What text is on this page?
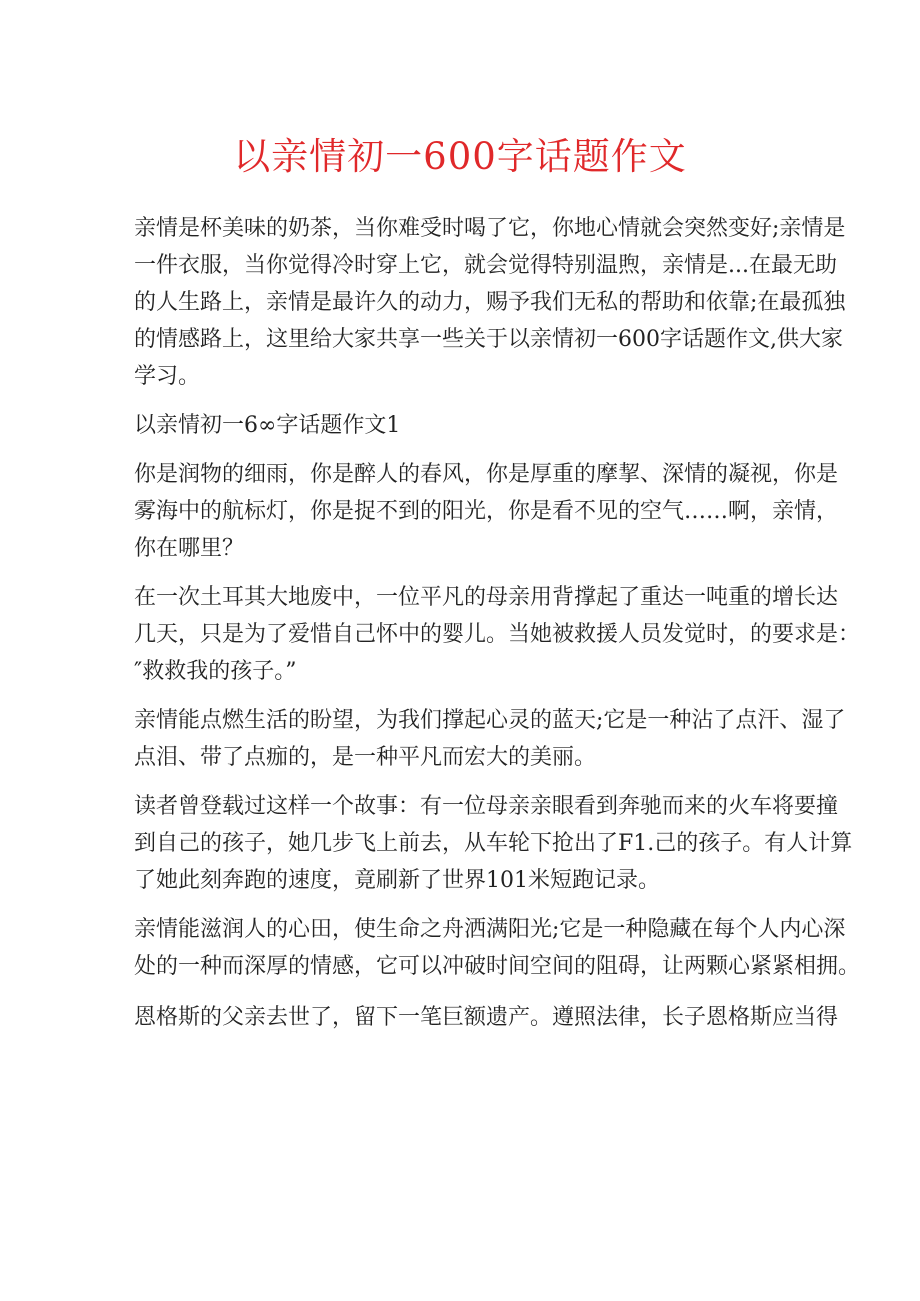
以亲情初一600字话题作文
亲情是杯美味的奶茶，当你难受时喝了它，你地心情就会突然变好;亲情是
一件衣服，当你觉得冷时穿上它，就会觉得特别温煦，亲情是...在最无助
的人生路上，亲情是最许久的动力，赐予我们无私的帮助和依靠;在最孤独
的情感路上，这里给大家共享一些关于以亲情初一600字话题作文,供大家
学习。
以亲情初一6∞字话题作文1
你是润物的细雨，你是醉人的春风，你是厚重的摩挈、深情的凝视，你是
雾海中的航标灯，你是捉不到的阳光，你是看不见的空气……啊，亲情，
你在哪里？
在一次土耳其大地废中，一位平凡的母亲用背撑起了重达一吨重的增长达
几天，只是为了爱惜自己怀中的婴儿。当她被救援人员发觉时，的要求是：
″救救我的孩子。”
亲情能点燃生活的盼望，为我们撑起心灵的蓝天;它是一种沾了点汗、湿了
点泪、带了点痂的，是一种平凡而宏大的美丽。
读者曾登载过这样一个故事：有一位母亲亲眼看到奔驰而来的火车将要撞
到自己的孩子，她几步飞上前去，从车轮下抢出了F1.己的孩子。有人计算
了她此刻奔跑的速度，竟刷新了世界101米短跑记录。
亲情能滋润人的心田，使生命之舟洒满阳光;它是一种隐藏在每个人内心深
处的一种而深厚的情感，它可以冲破时间空间的阻碍，让两颗心紧紧相拥。
恩格斯的父亲去世了，留下一笔巨额遗产。遵照法律，长子恩格斯应当得
